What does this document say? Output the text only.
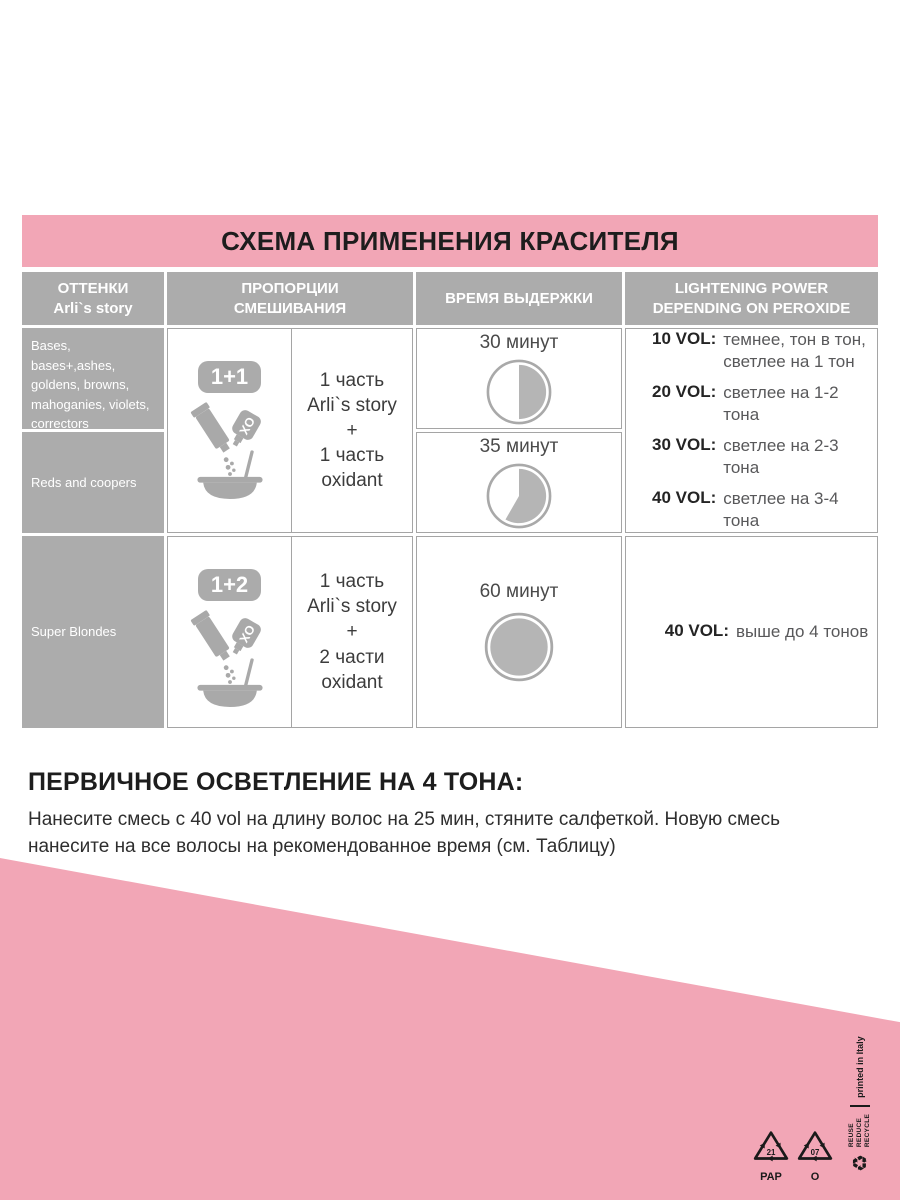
СХЕМА ПРИМЕНЕНИЯ КРАСИТЕЛЯ
ОТТЕНКИ
Arli`s story
ПРОПОРЦИИ
СМЕШИВАНИЯ
ВРЕМЯ ВЫДЕРЖКИ
LIGHTENING POWER
DEPENDING ON PEROXIDE
Bases, bases+,ashes, goldens, browns, mahoganies, violets, correctors
Reds and coopers
Super Blondes
1+1	1 часть
Arli`s story
+
1 часть
oxidant
1+2	1 часть
Arli`s story
+
2 части
oxidant
30 минут
35 минут
60 минут
10 VOL: темнее, тон в тон,
светлее на 1 тон
20 VOL: светлее на 1-2 тона
30 VOL: светлее на 2-3 тона
40 VOL: светлее на 3-4 тона
40 VOL: выше до 4 тонов
ПЕРВИЧНОЕ ОСВЕТЛЕНИЕ НА 4 ТОНА:

Нанесите смесь с 40 vol на длину волос на 25 мин, стяните салфеткой. Новую смесь
нанесите на все волосы на рекомендованное время (см. Таблицу)

21
PAP
07
O
♻
REUSE REDUCE RECYCLE
printed in Italy
